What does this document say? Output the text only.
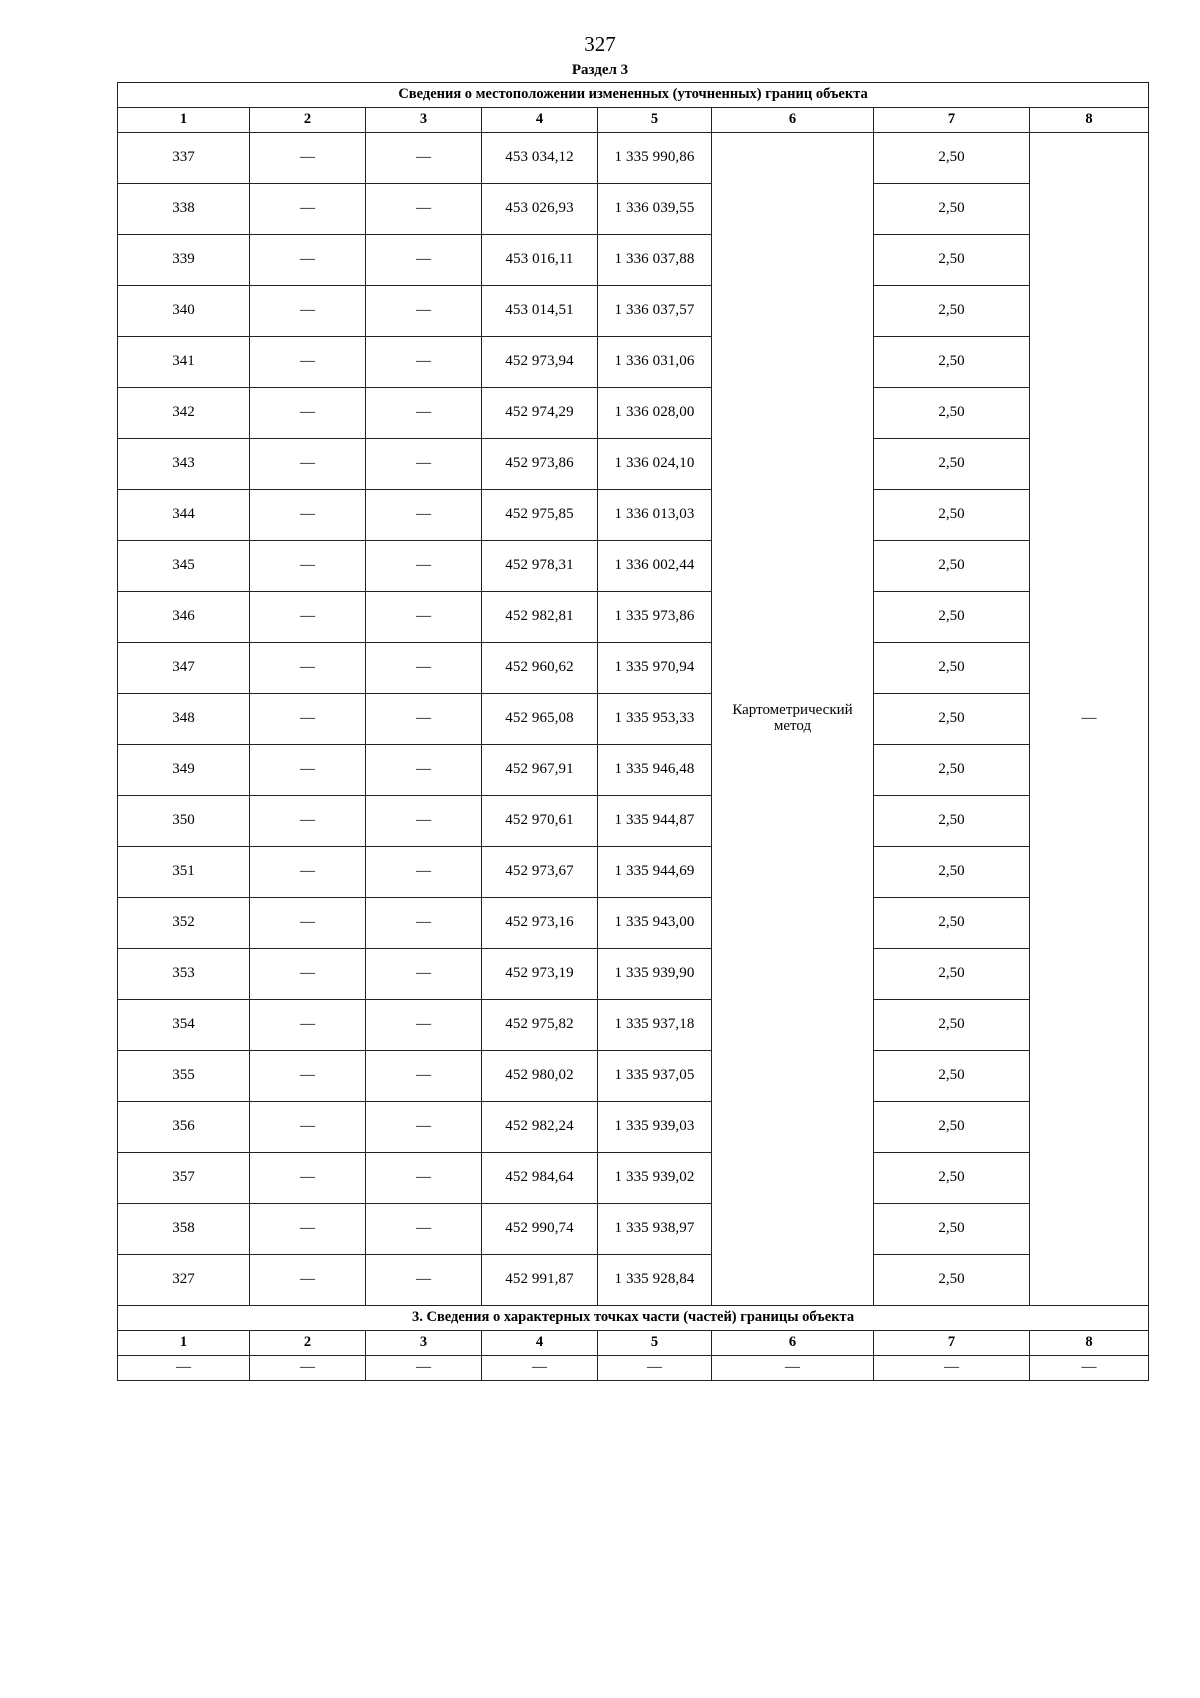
327
Раздел 3
Сведения о местоположении измененных (уточненных) границ объекта							
1	2	3	4	5	6	7	8
337	—	—	453 034,12	1 335 990,86	Картометрический метод	2,50	—
338	—	—	453 026,93	1 336 039,55		2,50	
339	—	—	453 016,11	1 336 037,88		2,50	
340	—	—	453 014,51	1 336 037,57		2,50	
341	—	—	452 973,94	1 336 031,06		2,50	
342	—	—	452 974,29	1 336 028,00		2,50	
343	—	—	452 973,86	1 336 024,10		2,50	
344	—	—	452 975,85	1 336 013,03		2,50	
345	—	—	452 978,31	1 336 002,44		2,50	
346	—	—	452 982,81	1 335 973,86		2,50	
347	—	—	452 960,62	1 335 970,94		2,50	
348	—	—	452 965,08	1 335 953,33		2,50	
349	—	—	452 967,91	1 335 946,48		2,50	
350	—	—	452 970,61	1 335 944,87		2,50	
351	—	—	452 973,67	1 335 944,69		2,50	
352	—	—	452 973,16	1 335 943,00		2,50	
353	—	—	452 973,19	1 335 939,90		2,50	
354	—	—	452 975,82	1 335 937,18		2,50	
355	—	—	452 980,02	1 335 937,05		2,50	
356	—	—	452 982,24	1 335 939,03		2,50	
357	—	—	452 984,64	1 335 939,02		2,50	
358	—	—	452 990,74	1 335 938,97		2,50	
327	—	—	452 991,87	1 335 928,84		2,50	
3. Сведения о характерных точках части (частей) границы объекта							
1	2	3	4	5	6	7	8
—	—	—	—	—	—	—	—
